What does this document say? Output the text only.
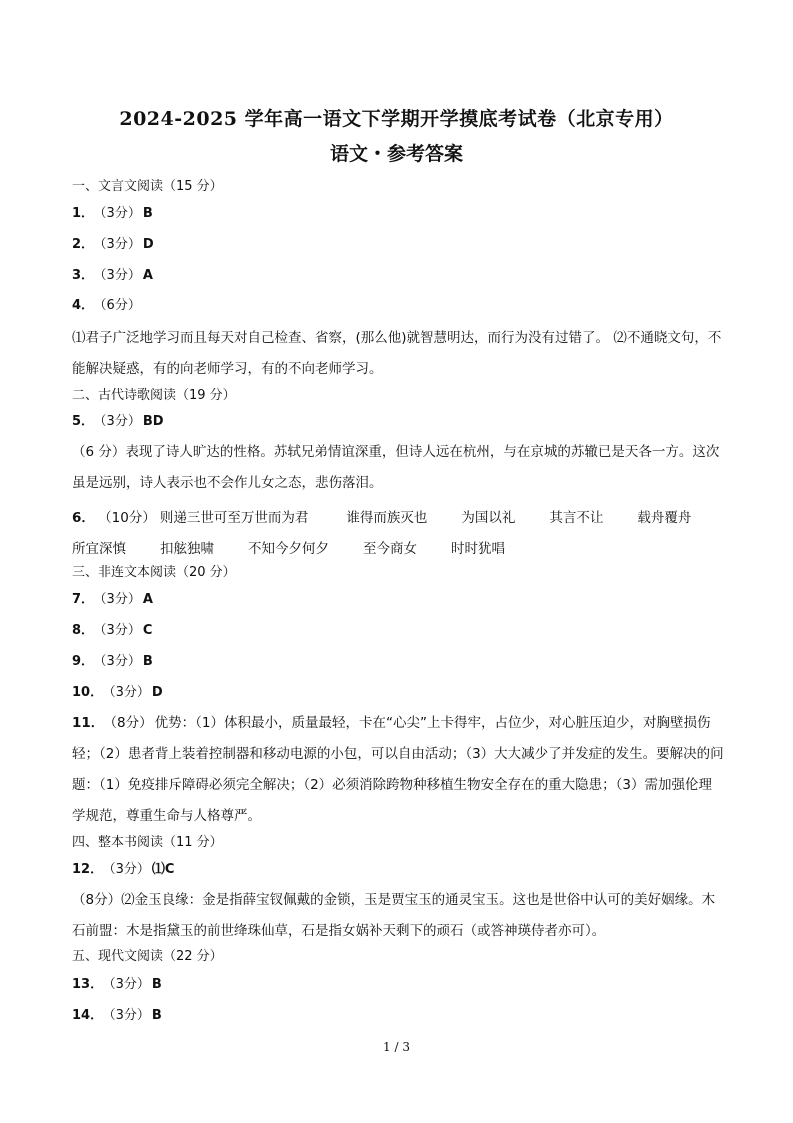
2024-2025 学年高一语文下学期开学摸底考试卷（北京专用）
语文・参考答案
一、文言文阅读（15 分）
1． （3分） B
2． （3分） D
3． （3分） A
4． （6分）
⑴君子广泛地学习而且每天对自己检查、省察，(那么他)就智慧明达，而行为没有过错了。 ⑵不通晓文句，不能解决疑惑，有的向老师学习，有的不向老师学习。
二、古代诗歌阅读（19 分）
5． （3分） BD
（6 分）表现了诗人旷达的性格。苏轼兄弟情谊深重，但诗人远在杭州，与在京城的苏辙已是天各一方。这次虽是远别，诗人表示也不会作儿女之态，悲伤落泪。
6． （10分） 则递三世可至万世而为君	谁得而族灭也	为国以礼	其言不让	载舟覆舟
所宜深慎	扣舷独啸	不知今夕何夕	至今商女	时时犹唱
三、非连文本阅读（20 分）
7． （3分） A
8． （3分） C
9． （3分） B
10． （3分） D
11． （8分） 优势：（1）体积最小，质量最轻，卡在“心尖”上卡得牢，占位少，对心脏压迫少，对胸壁损伤轻；（2）患者背上装着控制器和移动电源的小包，可以自由活动；（3）大大减少了并发症的发生。要解决的问题：（1）免疫排斥障碍必须完全解决；（2）必须消除跨物种移植生物安全存在的重大隐患；（3）需加强伦理学规范，尊重生命与人格尊严。
四、整本书阅读（11 分）
12． （3分） ⑴C
（8分）⑵金玉良缘：金是指薛宝钗佩戴的金锁，玉是贾宝玉的通灵宝玉。这也是世俗中认可的美好姻缘。木石前盟：木是指黛玉的前世绛珠仙草，石是指女娲补天剩下的顽石（或答神瑛侍者亦可）。
五、现代文阅读（22 分）
13． （3分） B
14． （3分） B
1 / 3
